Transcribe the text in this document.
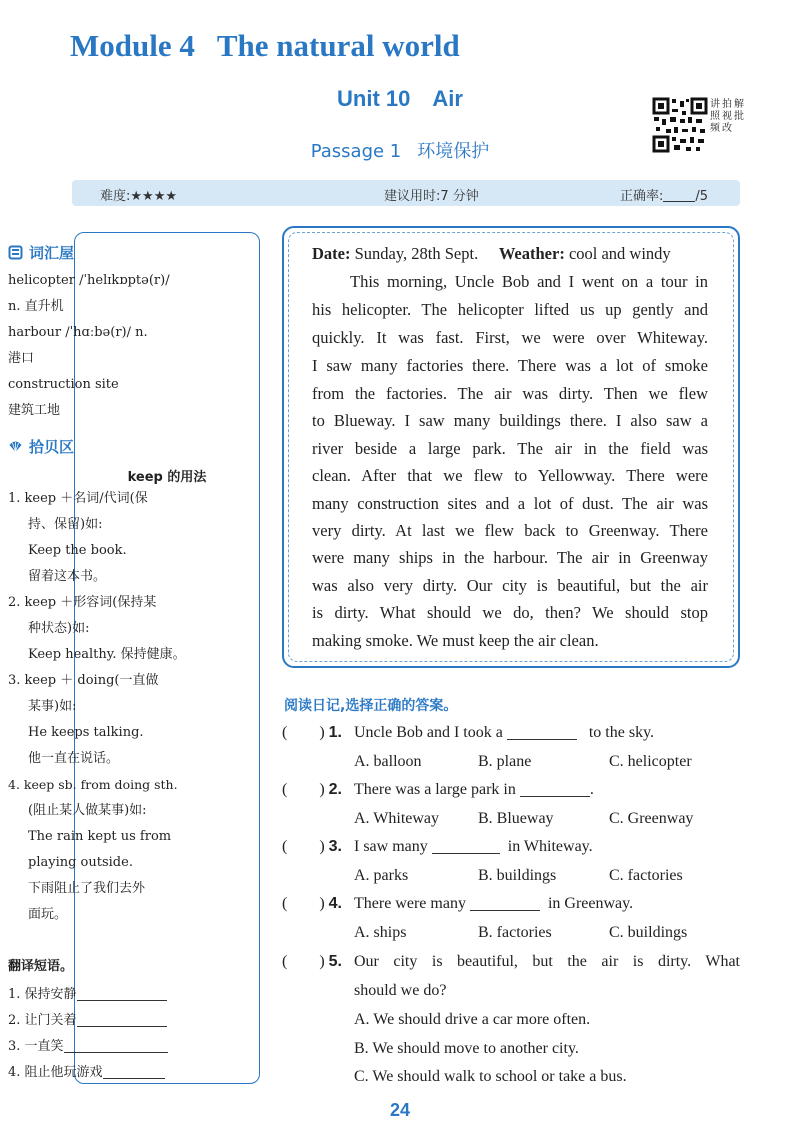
Module 4 The natural world
Unit 10 Air
Passage 1 环境保护
讲 拍 解
照 视 批
频 改
难度:★★★★	建议用时:7 分钟	正确率: /5
词汇屋
helicopter /ˈhelɪkɒptə(r)/
n. 直升机
harbour /ˈhɑːbə(r)/ n.
港口
construction site
建筑工地
拾贝区
keep 的用法
1. keep ＋名词/代词(保
持、保留)如:
Keep the book.
留着这本书。
2. keep ＋形容词(保持某
种状态)如:
Keep healthy. 保持健康。
3. keep ＋ doing(一直做
某事)如:
He keeps talking.
他一直在说话。
4. keep sb. from doing sth.
(阻止某人做某事)如:
The rain kept us from
playing outside.
下雨阻止了我们去外
面玩。
翻译短语。
1. 保持安静
2. 让门关着
3. 一直笑
4. 阻止他玩游戏
Date: Sunday, 28th Sept. Weather: cool and windy
This morning, Uncle Bob and I went on a tour in
his helicopter. The helicopter lifted us up gently and
quickly. It was fast. First, we were over Whiteway.
I saw many factories there. There was a lot of smoke
from the factories. The air was dirty. Then we flew
to Blueway. I saw many buildings there. I also saw a
river beside a large park. The air in the field was
clean. After that we flew to Yellowway. There were
many construction sites and a lot of dust. The air was
very dirty. At last we flew back to Greenway. There
were many ships in the harbour. The air in Greenway
was also very dirty. Our city is beautiful, but the air
is dirty. What should we do, then? We should stop
making smoke. We must keep the air clean.
阅读日记,选择正确的答案。
(        ) 1. Uncle Bob and I took a	to the sky.
A. balloon	B. plane	C. helicopter
(        ) 2. There was a large park in	.
A. Whiteway B. Blueway	C. Greenway
(        ) 3. I saw many	in Whiteway.
A. parks	B. buildings	C. factories
(        ) 4. There were many	in Greenway.
A. ships	B. factories	C. buildings
(        ) 5. Our city is beautiful, but the air is dirty. What
should we do?
A. We should drive a car more often.
B. We should move to another city.
C. We should walk to school or take a bus.
24
